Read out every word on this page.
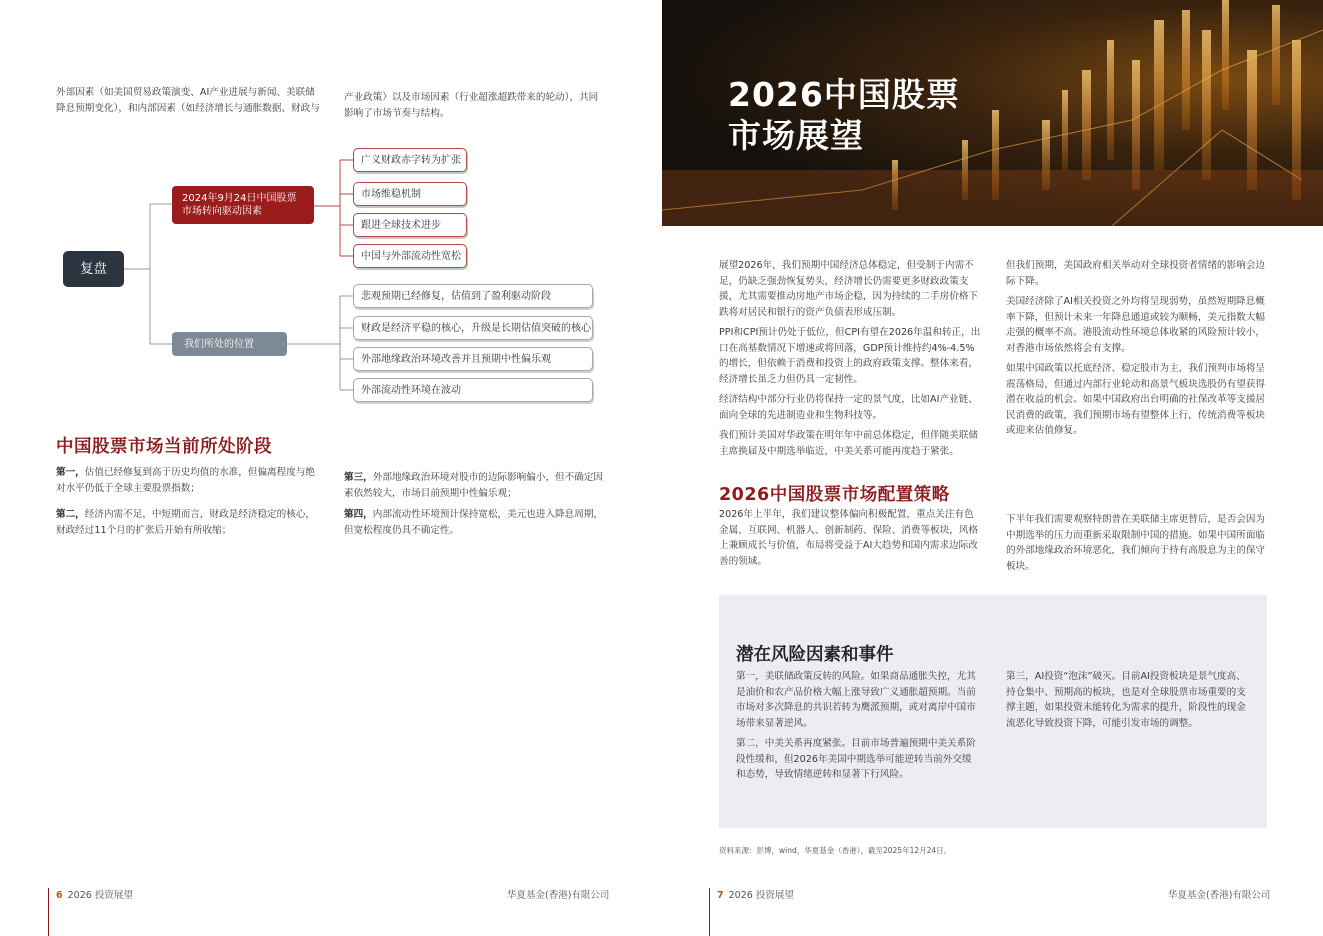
外部因素（如美国贸易政策演变、AI产业进展与新闻、美联储降息预期变化），和内部因素（如经济增长与通胀数据、财政与

产业政策）以及市场因素（行业超涨超跌带来的轮动），共同影响了市场节奏与结构。

复盘
2024年9月24日中国股票市场转向驱动因素
广义财政赤字转为扩张
市场维稳机制
跟进全球技术进步
中国与外部流动性宽松
我们所处的位置
悲观预期已经修复，估值到了盈利驱动阶段
财政是经济平稳的核心，升级是长期估值突破的核心
外部地缘政治环境改善并且预期中性偏乐观
外部流动性环境在波动
中国股票市场当前所处阶段

第一，估值已经修复到高于历史均值的水准，但偏离程度与绝对水平仍低于全球主要股票指数；

第二，经济内需不足，中短期而言，财政是经济稳定的核心，财政经过11个月的扩张后开始有所收缩；

第三，外部地缘政治环境对股市的边际影响偏小，但不确定因素依然较大，市场目前预期中性偏乐观；

第四，内部流动性环境预计保持宽松，美元也进入降息周期，但宽松程度仍具不确定性。

6 2026 投资展望	华夏基金(香港)有限公司
2026中国股票
市场展望

展望2026年，我们预期中国经济总体稳定，但受制于内需不足，仍缺乏强劲恢复势头，经济增长仍需要更多财政政策支援，尤其需要推动房地产市场企稳，因为持续的二手房价格下跌将对居民和银行的资产负债表形成压制。

PPI和CPI预计仍处于低位，但CPI有望在2026年温和转正，出口在高基数情况下增速或将回落，GDP预计维持约4%-4.5%的增长，但依赖于消费和投资上的政府政策支撑。整体来看，经济增长虽乏力但仍具一定韧性。

经济结构中部分行业仍将保持一定的景气度，比如AI产业链、面向全球的先进制造业和生物科技等。

我们预计美国对华政策在明年年中前总体稳定，但伴随美联储主席换届及中期选举临近，中美关系可能再度趋于紧张。

但我们预期，美国政府相关举动对全球投资者情绪的影响会边际下降。

美国经济除了AI相关投资之外均将呈现弱势，虽然短期降息概率下降，但预计未来一年降息通道或较为顺畅，美元指数大幅走强的概率不高。港股流动性环境总体收紧的风险预计较小，对香港市场依然将会有支撑。

如果中国政策以托底经济、稳定股市为主，我们预判市场将呈震荡格局，但通过内部行业轮动和高景气板块选股仍有望获得潜在收益的机会。如果中国政府出台明确的社保改革等支援居民消费的政策，我们预期市场有望整体上行，传统消费等板块或迎来估值修复。

2026中国股票市场配置策略

2026年上半年，我们建议整体偏向积极配置，重点关注有色金属、互联网、机器人、创新制药、保险、消费等板块，风格上兼顾成长与价值，布局将受益于AI大趋势和国内需求边际改善的领域。

下半年我们需要观察特朗普在美联储主席更替后，是否会因为中期选举的压力而重新采取限制中国的措施。如果中国所面临的外部地缘政治环境恶化，我们倾向于持有高股息为主的保守板块。

潜在风险因素和事件

第一，美联储政策反转的风险。如果商品通胀失控，尤其是油价和农产品价格大幅上涨导致广义通胀超预期。当前市场对多次降息的共识若转为鹰派预期，或对离岸中国市场带来显著逆风。

第二，中美关系再度紧张。目前市场普遍预期中美关系阶段性缓和，但2026年美国中期选举可能逆转当前外交缓和态势，导致情绪逆转和显著下行风险。

第三，AI投资“泡沫”破灭。目前AI投资板块是景气度高、持仓集中、预期高的板块，也是对全球股票市场重要的支撑主题，如果投资未能转化为需求的提升，阶段性的现金流恶化导致投资下降，可能引发市场的调整。

资料来源：彭博，wind，华夏基金（香港），截至2025年12月24日。
7 2026 投资展望	华夏基金(香港)有限公司
